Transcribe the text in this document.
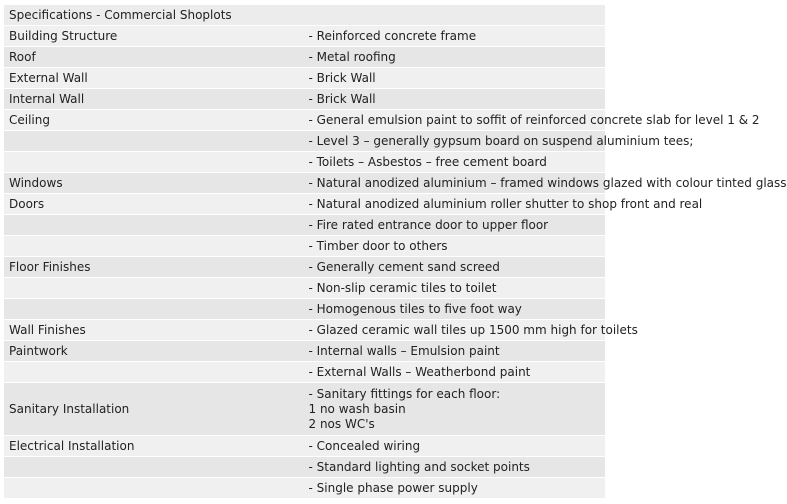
Specifications - Commercial Shoplots	
Building Structure	- Reinforced concrete frame
Roof	- Metal roofing
External Wall	- Brick Wall
Internal Wall	- Brick Wall
Ceiling	- General emulsion paint to soffit of reinforced concrete slab for level 1 & 2
	- Level 3 – generally gypsum board on suspend aluminium tees;
	- Toilets – Asbestos – free cement board
Windows	- Natural anodized aluminium – framed windows glazed with colour tinted glass
Doors	- Natural anodized aluminium roller shutter to shop front and real
	- Fire rated entrance door to upper floor
	- Timber door to others
Floor Finishes	- Generally cement sand screed
	- Non-slip ceramic tiles to toilet
	- Homogenous tiles to five foot way
Wall Finishes	- Glazed ceramic wall tiles up 1500 mm high for toilets
Paintwork	- Internal walls – Emulsion paint
	- External Walls – Weatherbond paint
Sanitary Installation	- Sanitary fittings for each floor:
1 no wash basin
2 nos WC's

Electrical Installation	- Concealed wiring
	- Standard lighting and socket points
	- Single phase power supply
